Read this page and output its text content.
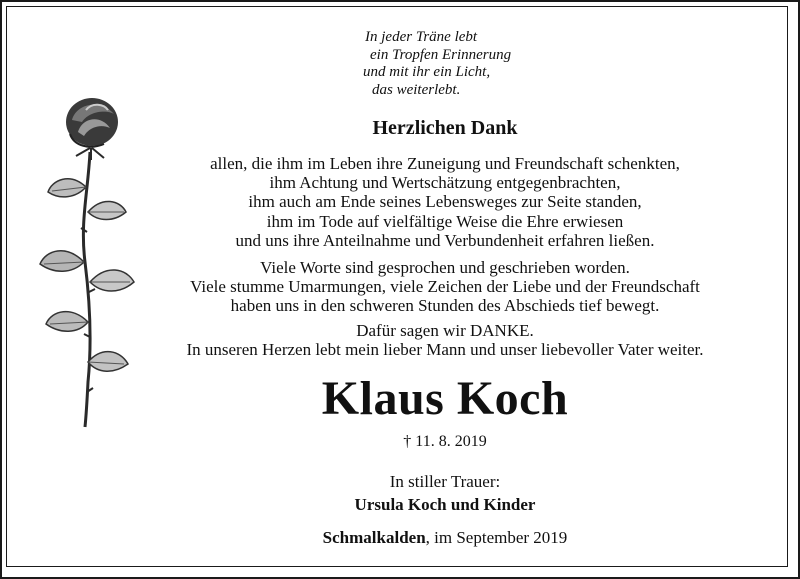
In jeder Träne lebt
ein Tropfen Erinnerung
und mit ihr ein Licht,
das weiterlebt.
Herzlichen Dank
allen, die ihm im Leben ihre Zuneigung und Freundschaft schenkten,
ihm Achtung und Wertschätzung entgegenbrachten,
ihm auch am Ende seines Lebensweges zur Seite standen,
ihm im Tode auf vielfältige Weise die Ehre erwiesen
und uns ihre Anteilnahme und Verbundenheit erfahren ließen.
Viele Worte sind gesprochen und geschrieben worden.
Viele stumme Umarmungen, viele Zeichen der Liebe und der Freundschaft
haben uns in den schweren Stunden des Abschieds tief bewegt.
Dafür sagen wir DANKE.
In unseren Herzen lebt mein lieber Mann und unser liebevoller Vater weiter.
Klaus Koch
† 11. 8. 2019
In stiller Trauer:
Ursula Koch und Kinder
Schmalkalden, im September 2019
